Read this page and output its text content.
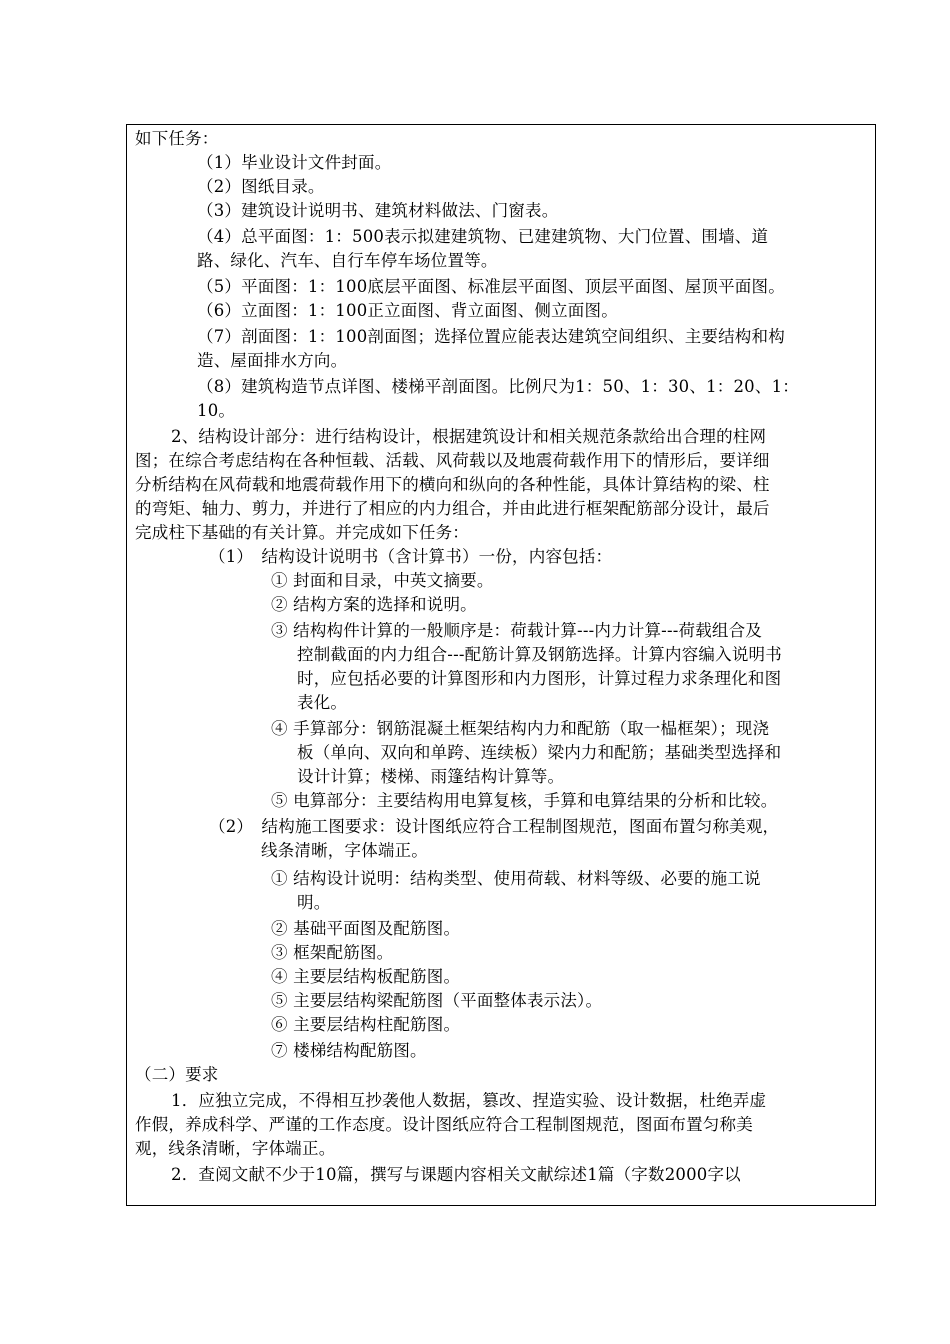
如下任务：
（1）毕业设计文件封面。
（2）图纸目录。
（3）建筑设计说明书、建筑材料做法、门窗表。
（4）总平面图：1：500表示拟建建筑物、已建建筑物、大门位置、围墙、道
路、绿化、汽车、自行车停车场位置等。
（5）平面图：1：100底层平面图、标准层平面图、顶层平面图、屋顶平面图。
（6）立面图：1：100正立面图、背立面图、侧立面图。
（7）剖面图：1：100剖面图；选择位置应能表达建筑空间组织、主要结构和构
造、屋面排水方向。
（8）建筑构造节点详图、楼梯平剖面图。比例尺为1：50、1：30、1：20、1：
10。
2、结构设计部分：进行结构设计，根据建筑设计和相关规范条款给出合理的柱网
图；在综合考虑结构在各种恒载、活载、风荷载以及地震荷载作用下的情形后，要详细
分析结构在风荷载和地震荷载作用下的横向和纵向的各种性能，具体计算结构的梁、柱
的弯矩、轴力、剪力，并进行了相应的内力组合，并由此进行框架配筋部分设计，最后
完成柱下基础的有关计算。并完成如下任务：
（1）　结构设计说明书（含计算书）一份，内容包括：
① 封面和目录，中英文摘要。
② 结构方案的选择和说明。
③ 结构构件计算的一般顺序是：荷载计算---内力计算---荷载组合及
控制截面的内力组合---配筋计算及钢筋选择。计算内容编入说明书
时，应包括必要的计算图形和内力图形，计算过程力求条理化和图
表化。
④ 手算部分：钢筋混凝土框架结构内力和配筋（取一榀框架）；现浇
板（单向、双向和单跨、连续板）梁内力和配筋；基础类型选择和
设计计算；楼梯、雨篷结构计算等。
⑤ 电算部分：主要结构用电算复核，手算和电算结果的分析和比较。
（2）　结构施工图要求：设计图纸应符合工程制图规范，图面布置匀称美观，
线条清晰，字体端正。
① 结构设计说明：结构类型、使用荷载、材料等级、必要的施工说
明。
② 基础平面图及配筋图。
③ 框架配筋图。
④ 主要层结构板配筋图。
⑤ 主要层结构梁配筋图（平面整体表示法）。
⑥ 主要层结构柱配筋图。
⑦ 楼梯结构配筋图。
（二）要求
1．应独立完成，不得相互抄袭他人数据，篡改、捏造实验、设计数据，杜绝弄虚
作假，养成科学、严谨的工作态度。设计图纸应符合工程制图规范，图面布置匀称美
观，线条清晰，字体端正。
2．查阅文献不少于10篇，撰写与课题内容相关文献综述1篇（字数2000字以
